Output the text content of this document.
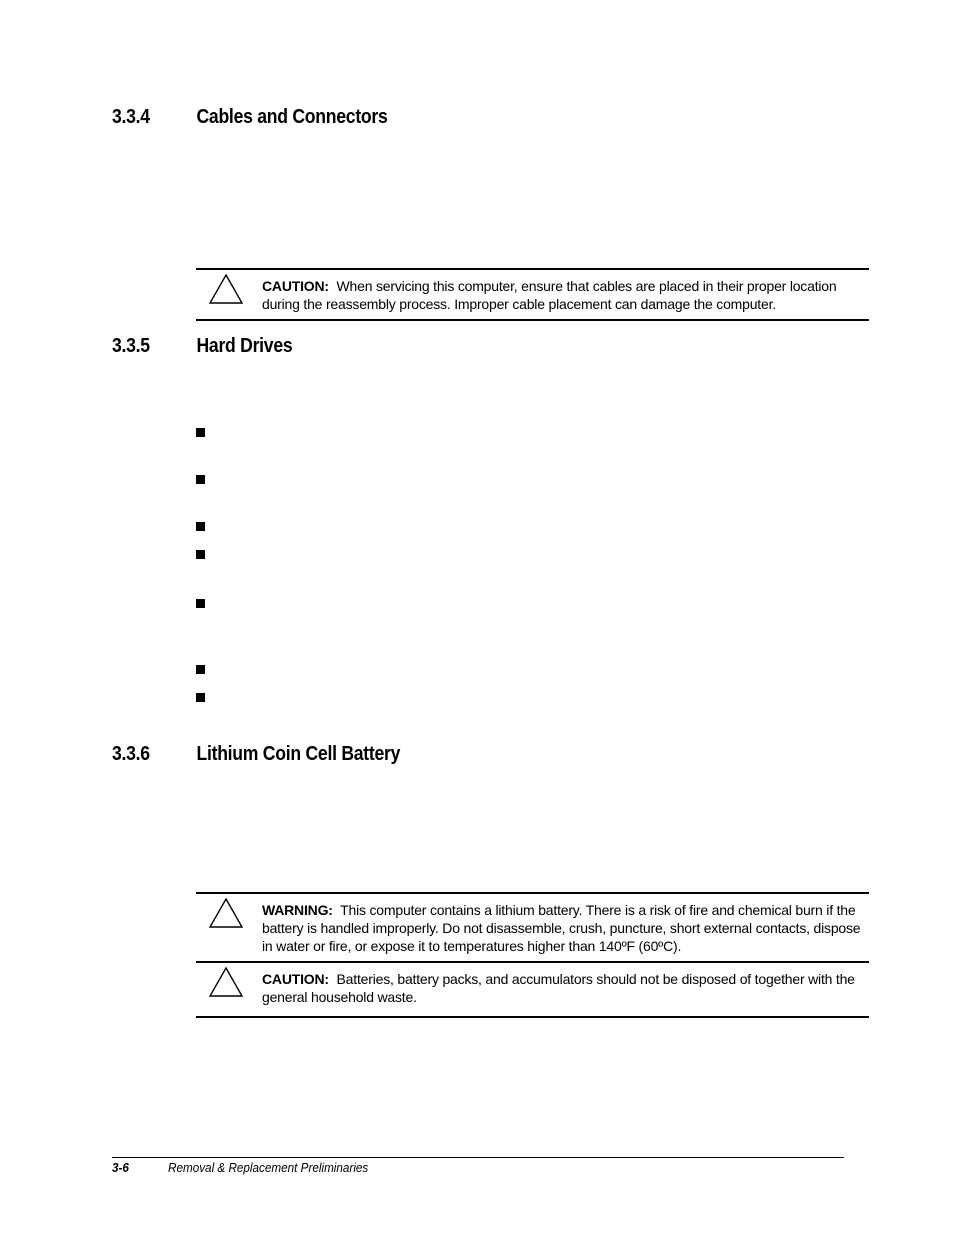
3.3.4 Cables and Connectors
CAUTION: When servicing this computer, ensure that cables are placed in their proper location during the reassembly process. Improper cable placement can damage the computer.
3.3.5 Hard Drives
3.3.6 Lithium Coin Cell Battery
WARNING: This computer contains a lithium battery. There is a risk of fire and chemical burn if the battery is handled improperly. Do not disassemble, crush, puncture, short external contacts, dispose in water or fire, or expose it to temperatures higher than 140ºF (60ºC).
CAUTION: Batteries, battery packs, and accumulators should not be disposed of together with the general household waste.
3-6	Removal & Replacement Preliminaries
